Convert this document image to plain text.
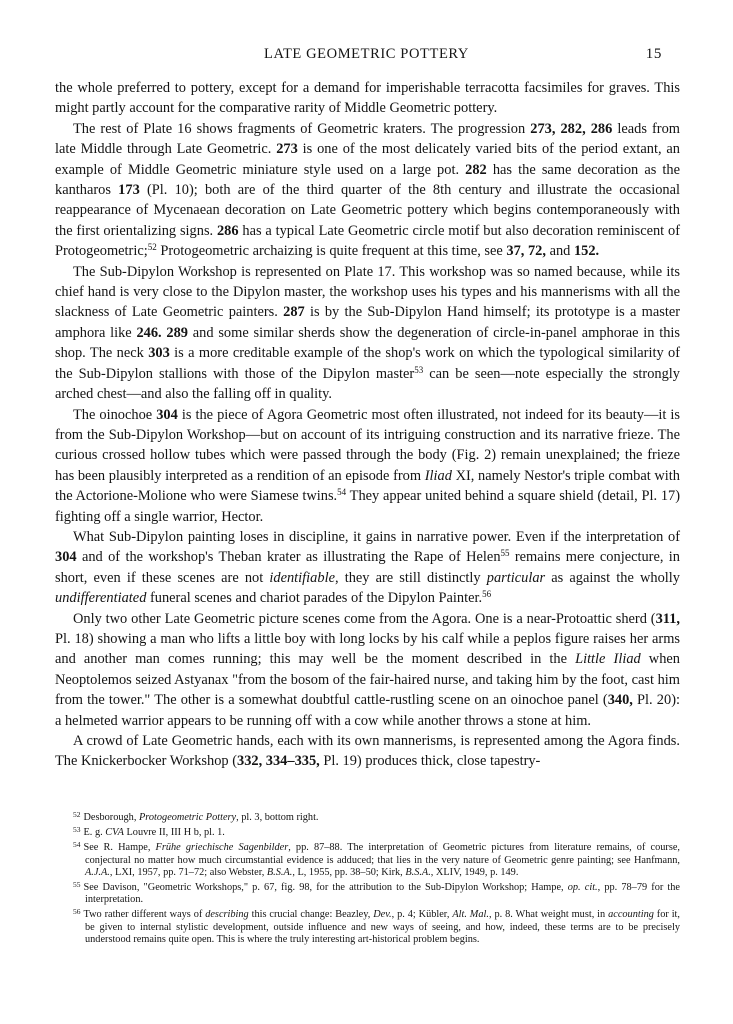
LATE GEOMETRIC POTTERY	15

the whole preferred to pottery, except for a demand for imperishable terracotta facsimiles for graves. This might partly account for the comparative rarity of Middle Geometric pottery.

The rest of Plate 16 shows fragments of Geometric kraters. The progression 273, 282, 286 leads from late Middle through Late Geometric. 273 is one of the most delicately varied bits of the period extant, an example of Middle Geometric miniature style used on a large pot. 282 has the same decoration as the kantharos 173 (Pl. 10); both are of the third quarter of the 8th century and illustrate the occasional reappearance of Mycenaean decoration on Late Geometric pottery which begins contemporaneously with the first orientalizing signs. 286 has a typical Late Geometric circle motif but also decoration reminiscent of Protogeometric;$^{52}$ Protogeometric archaizing is quite frequent at this time, see 37, 72, and 152.

The Sub-Dipylon Workshop is represented on Plate 17. This workshop was so named because, while its chief hand is very close to the Dipylon master, the workshop uses his types and his mannerisms with all the slackness of Late Geometric painters. 287 is by the Sub-Dipylon Hand himself; its prototype is a master amphora like 246. 289 and some similar sherds show the degeneration of circle-in-panel amphorae in this shop. The neck 303 is a more creditable example of the shop's work on which the typological similarity of the Sub-Dipylon stallions with those of the Dipylon master$^{53}$ can be seen—note especially the strongly arched chest—and also the falling off in quality.

The oinochoe 304 is the piece of Agora Geometric most often illustrated, not indeed for its beauty—it is from the Sub-Dipylon Workshop—but on account of its intriguing construction and its narrative frieze. The curious crossed hollow tubes which were passed through the body (Fig. 2) remain unexplained; the frieze has been plausibly interpreted as a rendition of an episode from Iliad XI, namely Nestor's triple combat with the Actorione-Molione who were Siamese twins.$^{54}$ They appear united behind a square shield (detail, Pl. 17) fighting off a single warrior, Hector.

What Sub-Dipylon painting loses in discipline, it gains in narrative power. Even if the interpretation of 304 and of the workshop's Theban krater as illustrating the Rape of Helen$^{55}$ remains mere conjecture, in short, even if these scenes are not identifiable, they are still distinctly particular as against the wholly undifferentiated funeral scenes and chariot parades of the Dipylon Painter.$^{56}$

Only two other Late Geometric picture scenes come from the Agora. One is a near-Protoattic sherd (311, Pl. 18) showing a man who lifts a little boy with long locks by his calf while a peplos figure raises her arms and another man comes running; this may well be the moment described in the Little Iliad when Neoptolemos seized Astyanax "from the bosom of the fair-haired nurse, and taking him by the foot, cast him from the tower." The other is a somewhat doubtful cattle-rustling scene on an oinochoe panel (340, Pl. 20): a helmeted warrior appears to be running off with a cow while another throws a stone at him.

A crowd of Late Geometric hands, each with its own mannerisms, is represented among the Agora finds. The Knickerbocker Workshop (332, 334–335, Pl. 19) produces thick, close tapestry-

$^{52}$ Desborough, Protogeometric Pottery, pl. 3, bottom right.

$^{53}$ E. g. CVA Louvre II, III H b, pl. 1.

$^{54}$ See R. Hampe, Frühe griechische Sagenbilder, pp. 87–88. The interpretation of Geometric pictures from literature remains, of course, conjectural no matter how much circumstantial evidence is adduced; that lies in the very nature of Geometric genre painting; see Hanfmann, A.J.A., LXI, 1957, pp. 71–72; also Webster, B.S.A., L, 1955, pp. 38–50; Kirk, B.S.A., XLIV, 1949, p. 149.

$^{55}$ See Davison, "Geometric Workshops," p. 67, fig. 98, for the attribution to the Sub-Dipylon Workshop; Hampe, op. cit., pp. 78–79 for the interpretation.

$^{56}$ Two rather different ways of describing this crucial change: Beazley, Dev., p. 4; Kübler, Alt. Mal., p. 8. What weight must, in accounting for it, be given to internal stylistic development, outside influence and new ways of seeing, and how, indeed, these terms are to be precisely understood remains quite open. This is where the truly interesting art-historical problem begins.
